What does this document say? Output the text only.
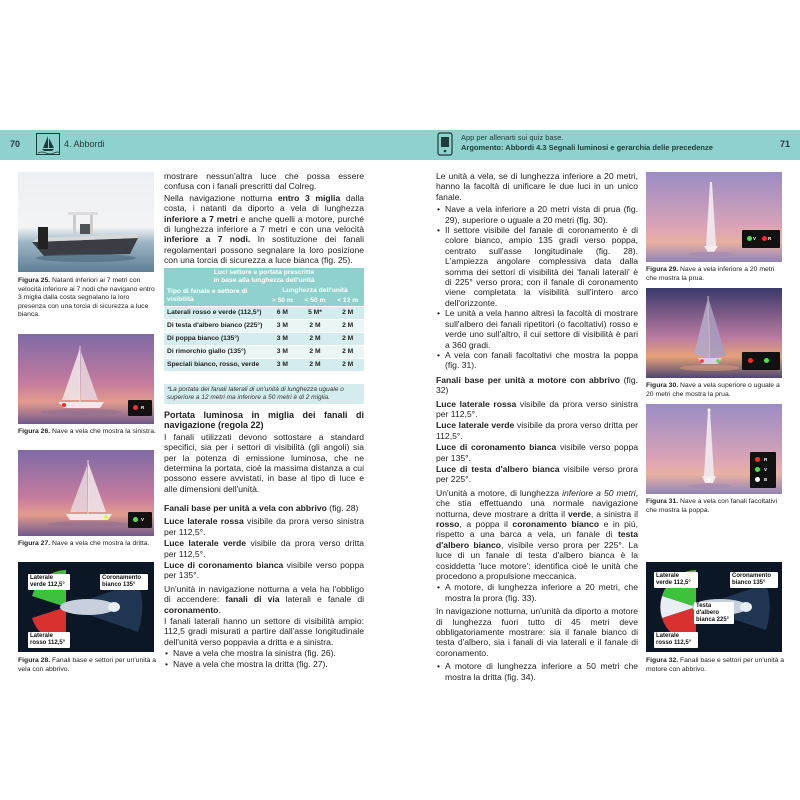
70	4. Abbordi
App per allenarti sui quiz base.
Argomento: Abbordi 4.3 Segnali luminosi e gerarchia delle precedenze	71
Figura 25. Natanti inferiori ai 7 metri con velocità inferiore ai 7 nodi che navigano entro 3 miglia dalla costa segnalano la loro presenza con una torcia di sicurezza a luce bianca.
R
Figura 26. Nave a vela che mostra la sinistra.
V
Figura 27. Nave a vela che mostra la dritta.
Laterale verde 112,5°
Coronamento bianco 135°
Laterale rosso 112,5°
Figura 28. Fanali base e settori per un'unità a vela con abbrivo.

mostrare nessun'altra luce che possa essere confusa con i fanali prescritti dal Colreg.

Nella navigazione notturna entro 3 miglia dalla costa, i natanti da diporto a vela di lunghezza inferiore a 7 metri e anche quelli a motore, purché di lunghezza inferiore a 7 metri e con una velocità inferiore a 7 nodi. In sostituzione dei fanali regolamentari possono segnalare la loro posizione con una torcia di sicurezza a luce bianca (fig. 25).

Luci settore e portata prescritte
in base alla lunghezza dell'unità			

Tipo di fanale e settore di visibilità	Lunghezza dell'unità		
	> 50 m	< 50 m	< 12 m
Laterali rosso e verde (112,5°)	6 M	5 M*	2 M
Di testa d'albero bianco (225°)	3 M	2 M	2 M
Di poppa bianco (135°)	3 M	2 M	2 M
Di rimorchio giallo (135°)	3 M	2 M	2 M
Speciali bianco, rosso, verde	3 M	2 M	2 M
*La portata dei fanali laterali di un'unità di lunghezza uguale o superiore a 12 metri ma inferiore a 50 metri è di 2 miglia.

Portata luminosa in miglia dei fanali di navigazione (regola 22)

I fanali utilizzati devono sottostare a standard specifici, sia per i settori di visibilità (gli angoli) sia per la potenza di emissione luminosa, che ne determina la portata, cioè la massima distanza a cui possono essere avvistati, in base al tipo di luce e alle dimensioni dell'unità.

Fanali base per unità a vela con abbrivo (fig. 28)

Luce laterale rossa visibile da prora verso sinistra per 112,5°.

Luce laterale verde visibile da prora verso dritta per 112,5°.

Luce di coronamento bianca visibile verso poppa per 135°.

Un'unità in navigazione notturna a vela ha l'obbligo di accendere: fanali di via laterali e fanale di coronamento.

I fanali laterali hanno un settore di visibilità ampio: 112,5 gradi misurati a partire dall'asse longitudinale dell'unità verso poppavia a dritta e a sinistra.

• Nave a vela che mostra la sinistra (fig. 26).
• Nave a vela che mostra la dritta (fig. 27).

Le unità a vela, se di lunghezza inferiore a 20 metri, hanno la facoltà di unificare le due luci in un unico fanale.

• Nave a vela inferiore a 20 metri vista di prua (fig. 29), superiore o uguale a 20 metri (fig. 30).
• Il settore visibile del fanale di coronamento è di colore bianco, ampio 135 gradi verso poppa, centrato sull'asse longitudinale (fig. 28). L'ampiezza angolare complessiva data dalla somma dei settori di visibilità dei 'fanali laterali' è di 225° verso prora; con il fanale di coronamento viene completata la visibilità sull'intero arco dell'orizzonte.
• Le unità a vela hanno altresì la facoltà di mostrare sull'albero dei fanali ripetitori (o facoltativi) rosso e verde uno sull'altro, il cui settore di visibilità è pari a 360 gradi.
• A vela con fanali facoltativi che mostra la poppa (fig. 31).

Fanali base per unità a motore con abbrivo (fig. 32)

Luce laterale rossa visibile da prora verso sinistra per 112,5°.

Luce laterale verde visibile da prora verso dritta per 112,5°.

Luce di coronamento bianca visibile verso poppa per 135°.

Luce di testa d'albero bianca visibile verso prora per 225°.

Un'unità a motore, di lunghezza inferiore a 50 metri, che stia effettuando una normale navigazione notturna, deve mostrare a dritta il verde, a sinistra il rosso, a poppa il coronamento bianco e in più, rispetto a una barca a vela, un fanale di testa d'albero bianco, visibile verso prora per 225°. La luce di un fanale di testa d'albero bianca è la cosiddetta 'luce motore': identifica cioè le unità che procedono a propulsione meccanica.

• A motore, di lunghezza inferiore a 20 metri, che mostra la prora (fig. 33).

In navigazione notturna, un'unità da diporto a motore di lunghezza fuori tutto di 45 metri deve obbligatoriamente mostrare: sia il fanale bianco di testa d'albero, sia i fanali di via laterali e il fanale di coronamento.

• A motore di lunghezza inferiore a 50 metri che mostra la dritta (fig. 34).
V	R
Figura 29. Nave a vela inferiore a 20 metri che mostra la prua.
Figura 30. Nave a vela superiore o uguale a 20 metri che mostra la prua.
R
V
B
Figura 31. Nave a vela con fanali facoltativi che mostra la poppa.
Laterale verde 112,5°
Coronamento bianco 135°
Testa d'albero bianca 225°
Laterale rosso 112,5°
Figura 32. Fanali base e settori per un'unità a motore con abbrivo.
